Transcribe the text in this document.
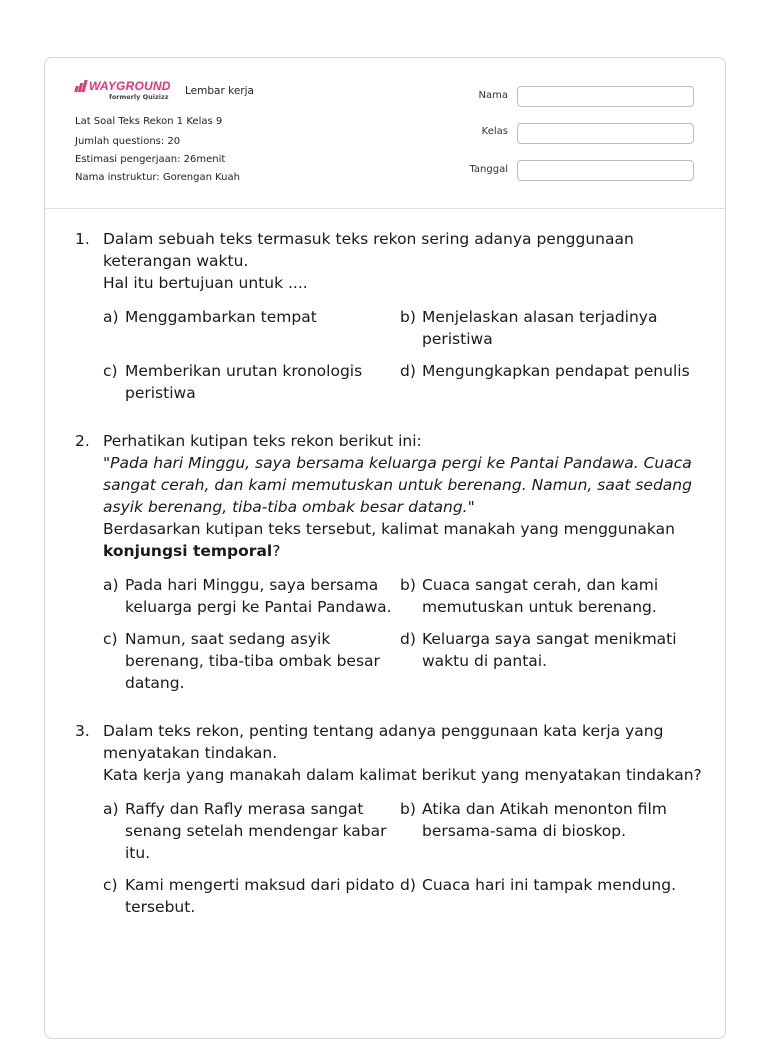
WAYGROUND
formerly Quizizz Lembar kerja
Lat Soal Teks Rekon 1 Kelas 9
Jumlah questions: 20
Estimasi pengerjaan: 26menit
Nama instruktur: Gorengan Kuah
Nama
Kelas
Tanggal
1. Dalam sebuah teks termasuk teks rekon sering adanya penggunaan
keterangan waktu.
Hal itu bertujuan untuk ....
a) Menggambarkan tempat	b) Menjelaskan alasan terjadinya peristiwa
c) Memberikan urutan kronologis peristiwa
d) Mengungkapkan pendapat penulis
2. Perhatikan kutipan teks rekon berikut ini:
"Pada hari Minggu, saya bersama keluarga pergi ke Pantai Pandawa. Cuaca sangat cerah, dan kami memutuskan untuk berenang. Namun, saat sedang asyik berenang, tiba-tiba ombak besar datang."
Berdasarkan kutipan teks tersebut, kalimat manakah yang menggunakan konjungsi temporal?
a) Pada hari Minggu, saya bersama keluarga pergi ke Pantai Pandawa.
b) Cuaca sangat cerah, dan kami memutuskan untuk berenang.
c) Namun, saat sedang asyik berenang, tiba-tiba ombak besar datang.
d) Keluarga saya sangat menikmati waktu di pantai.
3. Dalam teks rekon, penting tentang adanya penggunaan kata kerja yang
menyatakan tindakan.
Kata kerja yang manakah dalam kalimat berikut yang menyatakan tindakan?
a) Raffy dan Rafly merasa sangat senang setelah mendengar kabar itu.
b) Atika dan Atikah menonton film bersama-sama di bioskop.
c) Kami mengerti maksud dari pidato tersebut.
d) Cuaca hari ini tampak mendung.
